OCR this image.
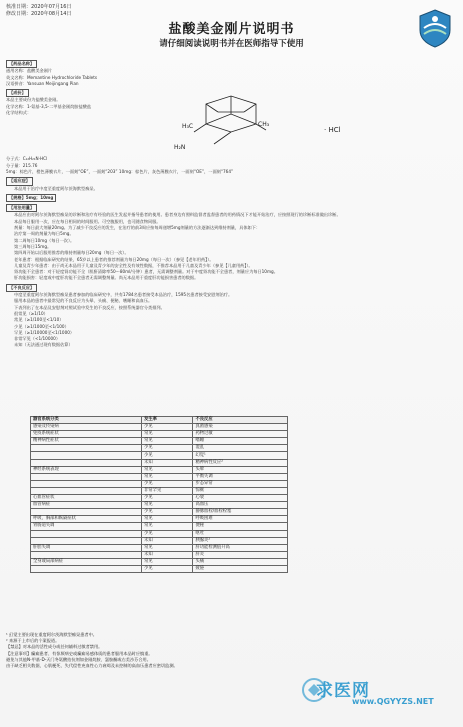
核准日期：2020年07月16日
修改日期：2020年08月14日
盐酸美金刚片说明书
请仔细阅读说明书并在医师指导下使用
【药品名称】
通用名称：盐酸美金刚片
英文名称：Memantine Hydrochloride Tablets
汉语拼音：Yansuan Meijingang Pian
【成份】
本品主要成份为盐酸美金刚。
化学名称：1-氨基-3,5-二甲基金刚烷胺盐酸盐
化学结构式：
分子式：C₁₂H₂₁N·HCl
分子量：215.76
5mg：棕色片，橙色薄膜衣片，一面刻“OE”，一面刻“203” 10mg：棕色片，灰色薄膜衣片，一面刻“OE”，一面刻“764”
【适应症】
本品用于治疗中度至重度阿尔茨海默型痴呆。
【规格】5mg；10mg
【用法用量】
本品应由对阿尔茨海默型痴呆的诊断和治疗有经验的医生发起并指导患者的使用。患者身边有照料监督者监督患者的用药情况下才能开始治疗，应按照现行的诊断标准做出诊断。
本品每日服用一次，应在每日相同的时间服用。可空腹服用，也可随食物同服。
剂量：每日最大剂量20mg。为了减少不良反应的发生，在治疗的前3周应按每周递增5mg剂量的方法逐渐达到维持剂量，具体如下：
治疗第一周的剂量为每日5mg。
第二周每日10mg（每日一次）。
第三周每日15mg。
第四周开始以后服用推荐的维持剂量每日20mg（每日一次）。
老年患者：根据临床研究的结果，65岁以上患者的推荐剂量为每日20mg（每日一次）（参见【老年用药】）。
儿童及青少年患者：由于尚无本品用于儿童及青少年的安全性及有效性数据，不推荐本品用于儿童及青少年（参见【儿童用药】）。
肾功能不全患者：对于轻度肾功能不全（肌酐清除率50～80ml/分钟）患者，无需调整剂量。对于中度肾功能不全患者，剂量应为每日10mg。
肝功能损害：轻度或中度肝功能不全患者无需调整剂量。尚无本品用于重度肝功能损害患者的数据。
【不良反应】
中度至重度阿尔茨海默型痴呆患者参加的临床研究中，共有1784名患者接受本品治疗，1595名患者接受安慰剂治疗。
服用本品的患者中最常见的不良反应为头晕、头痛、便秘、嗜睡和高血压。
下表列出了在本品及安慰剂对照试验中发生的不良反应，按照系统器官分类排列。
很常见（≥1/10）
常见（≥1/100至<1/10）
少见（≥1/1000至<1/100）
罕见（≥1/10000至<1/1000）
非常罕见（<1/10000）
未知（无法通过现有数据估算）
H₃C	CH₃
H₂N
· HCl
器官系统分类	发生率	不良反应
感染及传染病	少见	真菌感染
免疫系统症状	常见	药物过敏
精神病性症状	常见	嗜睡
	少见	混乱
	少见	幻觉¹
	未知	精神病性反应²
神经系统表现	常见	头晕
	常见	平衡失调
	少见	步态异常
	非常罕见	惊厥
心血管症状	少见	心衰
血管病症	常见	高血压
	少见	静脉血栓/血栓栓塞
呼吸、胸部和纵隔症状	常见	呼吸困难
胃肠道失调	常见	便秘
	少见	呕吐
	未知	胰腺炎²
肝胆失调	常见	肝功能检测值升高
	未知	肝炎
全身或局部病症	常见	头痛
	少见	疲倦
¹ 幻觉主要出现在重度阿尔茨海默型痴呆患者中。
² 来源于上市后的个案报道。
【禁忌】对本品的活性成分或任何辅料过敏者禁用。
【注意事项】癫痫患者、有惊厥病史或癫痫易感体质的患者服用本品时应慎重。
避免与其他N-甲基-D-天门冬氨酸拮抗剂如金刚烷胺、氯胺酮或右美沙芬合用。
由于缺乏相关数据，心肌梗死、失代偿性充血性心力衰竭及未控制的高血压患者应密切监测。
求医网
www.QGYYZS.NET
